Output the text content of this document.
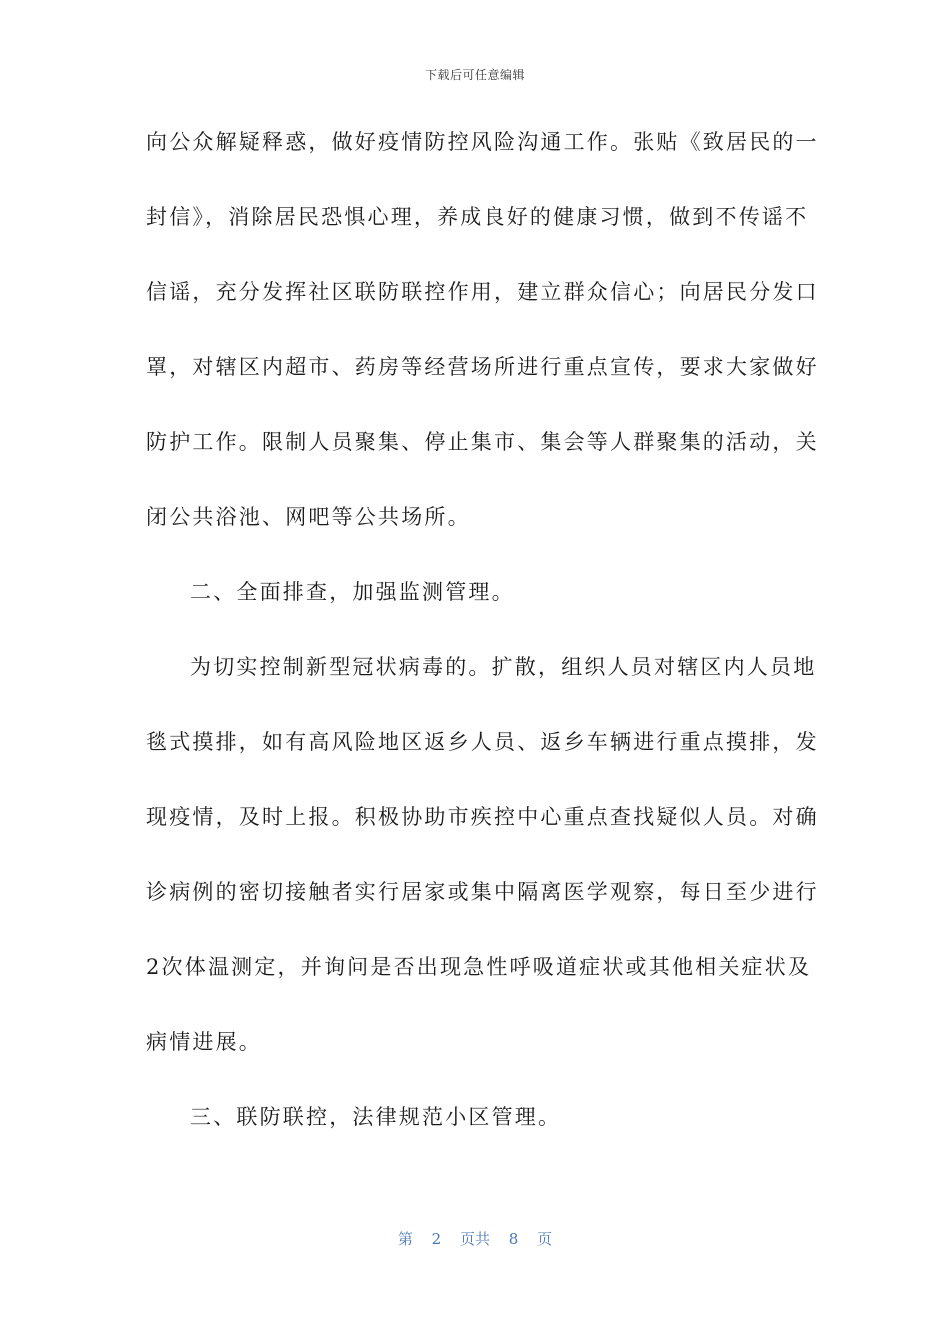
下载后可任意编辑
向公众解疑释惑，做好疫情防控风险沟通工作。张贴《致居民的一
封信》，消除居民恐惧心理，养成良好的健康习惯，做到不传谣不
信谣，充分发挥社区联防联控作用，建立群众信心；向居民分发口
罩，对辖区内超市、药房等经营场所进行重点宣传，要求大家做好
防护工作。限制人员聚集、停止集市、集会等人群聚集的活动，关
闭公共浴池、网吧等公共场所。
二、全面排查，加强监测管理。
为切实控制新型冠状病毒的。扩散，组织人员对辖区内人员地
毯式摸排，如有高风险地区返乡人员、返乡车辆进行重点摸排，发
现疫情，及时上报。积极协助市疾控中心重点查找疑似人员。对确
诊病例的密切接触者实行居家或集中隔离医学观察，每日至少进行
2次体温测定，并询问是否出现急性呼吸道症状或其他相关症状及
病情进展。
三、联防联控，法律规范小区管理。
第 2 页共 8 页
